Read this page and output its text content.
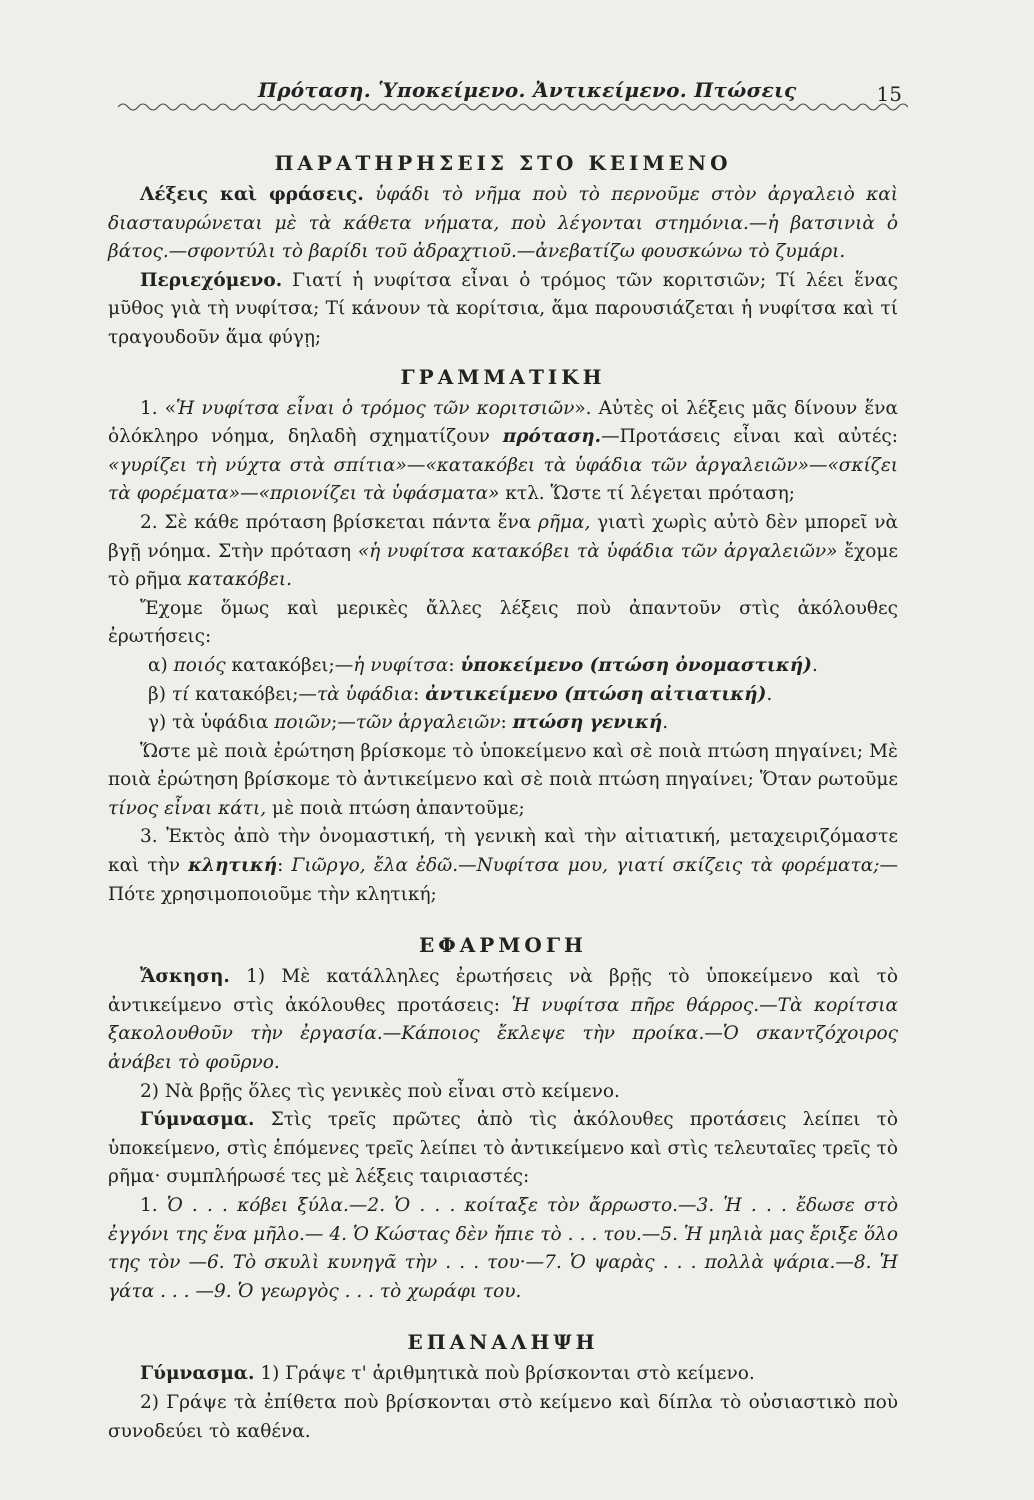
Πρόταση. Ὑποκείμενο. Ἀντικείμενο. Πτώσεις	15
ΠΑΡΑΤΗΡΗΣΕΙΣ ΣΤΟ ΚΕΙΜΕΝΟ

Λέξεις καὶ φράσεις. ὑφάδι τὸ νῆμα ποὺ τὸ περνοῦμε στὸν ἀργαλειὸ καὶ διασταυρώνεται μὲ τὰ κάθετα νήματα, ποὺ λέγονται στημόνια.—ἡ βατσινιὰ ὁ βάτος.—σφοντύλι τὸ βαρίδι τοῦ ἀδραχτιοῦ.—ἀνεβατίζω φουσκώνω τὸ ζυμάρι.

Περιεχόμενο. Γιατί ἡ νυφίτσα εἶναι ὁ τρόμος τῶν κοριτσιῶν; Τί λέει ἕνας μῦθος γιὰ τὴ νυφίτσα; Τί κάνουν τὰ κορίτσια, ἅμα παρουσιάζεται ἡ νυφίτσα καὶ τί τραγουδοῦν ἅμα φύγῃ;

ΓΡΑΜΜΑΤΙΚΗ

1. «Ἡ νυφίτσα εἶναι ὁ τρόμος τῶν κοριτσιῶν». Αὐτὲς οἱ λέξεις μᾶς δίνουν ἕνα ὁλόκληρο νόημα, δηλαδὴ σχηματίζουν πρόταση.—Προτάσεις εἶναι καὶ αὐτές: «γυρίζει τὴ νύχτα στὰ σπίτια»—«κατακόβει τὰ ὑφάδια τῶν ἀργαλειῶν»—«σκίζει τὰ φορέματα»—«πριονίζει τὰ ὑφάσματα» κτλ. Ὥστε τί λέγεται πρόταση;

2. Σὲ κάθε πρόταση βρίσκεται πάντα ἕνα ρῆμα, γιατὶ χωρὶς αὐτὸ δὲν μπορεῖ νὰ βγῇ νόημα. Στὴν πρόταση «ἡ νυφίτσα κατακόβει τὰ ὑφάδια τῶν ἀργαλειῶν» ἔχομε τὸ ρῆμα κατακόβει.

Ἔχομε ὅμως καὶ μερικὲς ἄλλες λέξεις ποὺ ἀπαντοῦν στὶς ἀκόλουθες ἐρωτήσεις:

α) ποιός κατακόβει;—ἡ νυφίτσα: ὑποκείμενο (πτώση ὀνομαστική).

β) τί κατακόβει;—τὰ ὑφάδια: ἀντικείμενο (πτώση αἰτιατική).

γ) τὰ ὑφάδια ποιῶν;—τῶν ἀργαλειῶν: πτώση γενική.

Ὥστε μὲ ποιὰ ἐρώτηση βρίσκομε τὸ ὑποκείμενο καὶ σὲ ποιὰ πτώση πηγαίνει; Μὲ ποιὰ ἐρώτηση βρίσκομε τὸ ἀντικείμενο καὶ σὲ ποιὰ πτώση πηγαίνει; Ὅταν ρωτοῦμε τίνος εἶναι κάτι, μὲ ποιὰ πτώση ἀπαντοῦμε;

3. Ἐκτὸς ἀπὸ τὴν ὀνομαστική, τὴ γενικὴ καὶ τὴν αἰτιατική, μεταχειριζόμαστε καὶ τὴν κλητική: Γιῶργο, ἔλα ἐδῶ.—Νυφίτσα μου, γιατί σκίζεις τὰ φορέματα;—Πότε χρησιμοποιοῦμε τὴν κλητική;

ΕΦΑΡΜΟΓΗ

Ἄσκηση. 1) Μὲ κατάλληλες ἐρωτήσεις νὰ βρῇς τὸ ὑποκείμενο καὶ τὸ ἀντικείμενο στὶς ἀκόλουθες προτάσεις: Ἡ νυφίτσα πῆρε θάρρος.—Τὰ κορίτσια ξακολουθοῦν τὴν ἐργασία.—Κάποιος ἔκλεψε τὴν προίκα.—Ὁ σκαντζόχοιρος ἀνάβει τὸ φοῦρνο.

2) Νὰ βρῇς ὅλες τὶς γενικὲς ποὺ εἶναι στὸ κείμενο.

Γύμνασμα. Στὶς τρεῖς πρῶτες ἀπὸ τὶς ἀκόλουθες προτάσεις λείπει τὸ ὑποκείμενο, στὶς ἑπόμενες τρεῖς λείπει τὸ ἀντικείμενο καὶ στὶς τελευταῖες τρεῖς τὸ ρῆμα· συμπλήρωσέ τες μὲ λέξεις ταιριαστές:

1. Ὁ . . . κόβει ξύλα.—2. Ὁ . . . κοίταξε τὸν ἄρρωστο.—3. Ἡ . . . ἔδωσε στὸ ἐγγόνι της ἕνα μῆλο.— 4. Ὁ Κώστας δὲν ἤπιε τὸ . . . του.—5. Ἡ μηλιὰ μας ἔριξε ὅλο της τὸν —6. Τὸ σκυλὶ κυνηγᾶ τὴν . . . του·—7. Ὁ ψαρὰς . . . πολλὰ ψάρια.—8. Ἡ γάτα . . . —9. Ὁ γεωργὸς . . . τὸ χωράφι του.

ΕΠΑΝΑΛΗΨΗ

Γύμνασμα. 1) Γράψε τ' ἀριθμητικὰ ποὺ βρίσκονται στὸ κείμενο.

2) Γράψε τὰ ἐπίθετα ποὺ βρίσκονται στὸ κείμενο καὶ δίπλα τὸ οὐσιαστικὸ ποὺ συνοδεύει τὸ καθένα.
